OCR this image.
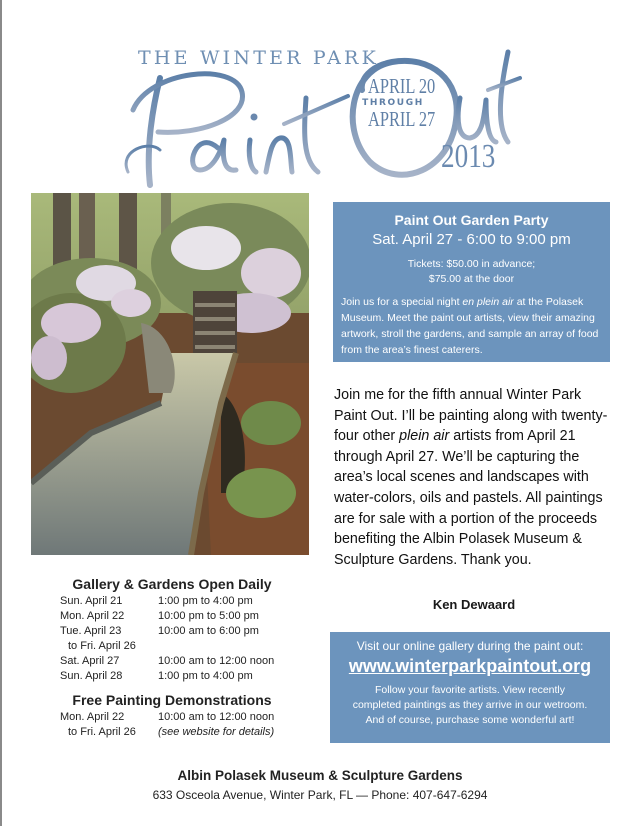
THE WINTER PARK
APRIL 20
THROUGH
APRIL 27
2013
Paint Out Garden Party
Sat. April 27 - 6:00 to 9:00 pm
Tickets: $50.00 in advance;
$75.00 at the door
Join us for a special night en plein air at the Polasek Museum. Meet the paint out artists, view their amazing artwork, stroll the gardens, and sample an array of food from the area’s finest caterers.
Join me for the fifth annual Winter Park Paint Out. I’ll be painting along with twenty-four other plein air artists from April 21 through April 27. We’ll be capturing the area’s local scenes and landscapes with water-colors, oils and pastels. All paintings are for sale with a portion of the proceeds benefiting the Albin Polasek Museum & Sculpture Gardens. Thank you.
Ken Dewaard
Gallery & Gardens Open Daily
Sun. April 21	1:00 pm to 4:00 pm
Mon. April 22	10:00 pm to 5:00 pm
Tue. April 23	10:00 am to 6:00 pm
to Fri. April 26
Sat. April 27	10:00 am to 12:00 noon
Sun. April 28	1:00 pm to 4:00 pm
Free Painting Demonstrations
Mon. April 22	10:00 am to 12:00 noon
to Fri. April 26 (see website for details)
Visit our online gallery during the paint out:
www.winterparkpaintout.org
Follow your favorite artists. View recently
completed paintings as they arrive in our wetroom.
And of course, purchase some wonderful art!
Albin Polasek Museum & Sculpture Gardens
633 Osceola Avenue, Winter Park, FL — Phone: 407-647-6294
